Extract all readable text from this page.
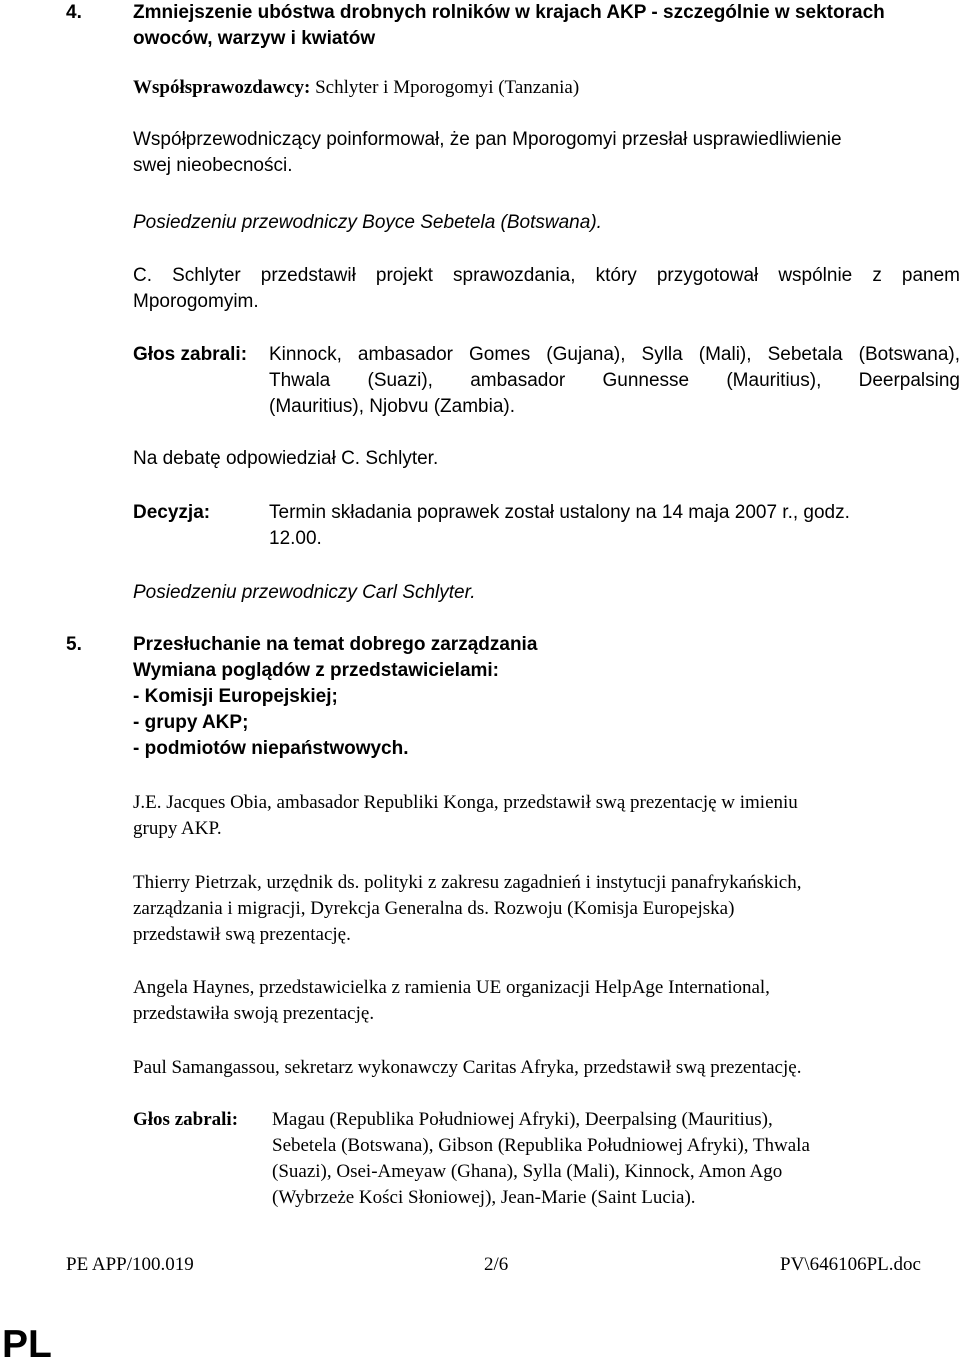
4.	Zmniejszenie ubóstwa drobnych rolników w krajach AKP - szczególnie w sektorach
owoców, warzyw i kwiatów
Współsprawozdawcy: Schlyter i Mporogomyi (Tanzania)
Współprzewodniczący poinformował, że pan Mporogomyi przesłał usprawiedliwienie
swej nieobecności.
Posiedzeniu przewodniczy Boyce Sebetela (Botswana).
C. Schlyter przedstawił projekt sprawozdania, który przygotował wspólnie z panem
Mporogomyim.
Głos zabrali: Kinnock, ambasador Gomes (Gujana), Sylla (Mali), Sebetala (Botswana),
Thwala (Suazi), ambasador Gunnesse (Mauritius), Deerpalsing
(Mauritius), Njobvu (Zambia).
Na debatę odpowiedział C. Schlyter.
Decyzja:	Termin składania poprawek został ustalony na 14 maja 2007 r., godz.
12.00.
Posiedzeniu przewodniczy Carl Schlyter.
5.	Przesłuchanie na temat dobrego zarządzania
Wymiana poglądów z przedstawicielami:
- Komisji Europejskiej;
- grupy AKP;
- podmiotów niepaństwowych.
J.E. Jacques Obia, ambasador Republiki Konga, przedstawił swą prezentację w imieniu
grupy AKP.
Thierry Pietrzak, urzędnik ds. polityki z zakresu zagadnień i instytucji panafrykańskich,
zarządzania i migracji, Dyrekcja Generalna ds. Rozwoju (Komisja Europejska)
przedstawił swą prezentację.
Angela Haynes, przedstawicielka z ramienia UE organizacji HelpAge International,
przedstawiła swoją prezentację.
Paul Samangassou, sekretarz wykonawczy Caritas Afryka, przedstawił swą prezentację.
Głos zabrali: Magau (Republika Południowej Afryki), Deerpalsing (Mauritius),
Sebetela (Botswana), Gibson (Republika Południowej Afryki), Thwala
(Suazi), Osei-Ameyaw (Ghana), Sylla (Mali), Kinnock, Amon Ago
(Wybrzeże Kości Słoniowej), Jean-Marie (Saint Lucia).
PE APP/100.019	2/6	PV\646106PL.doc
PL
